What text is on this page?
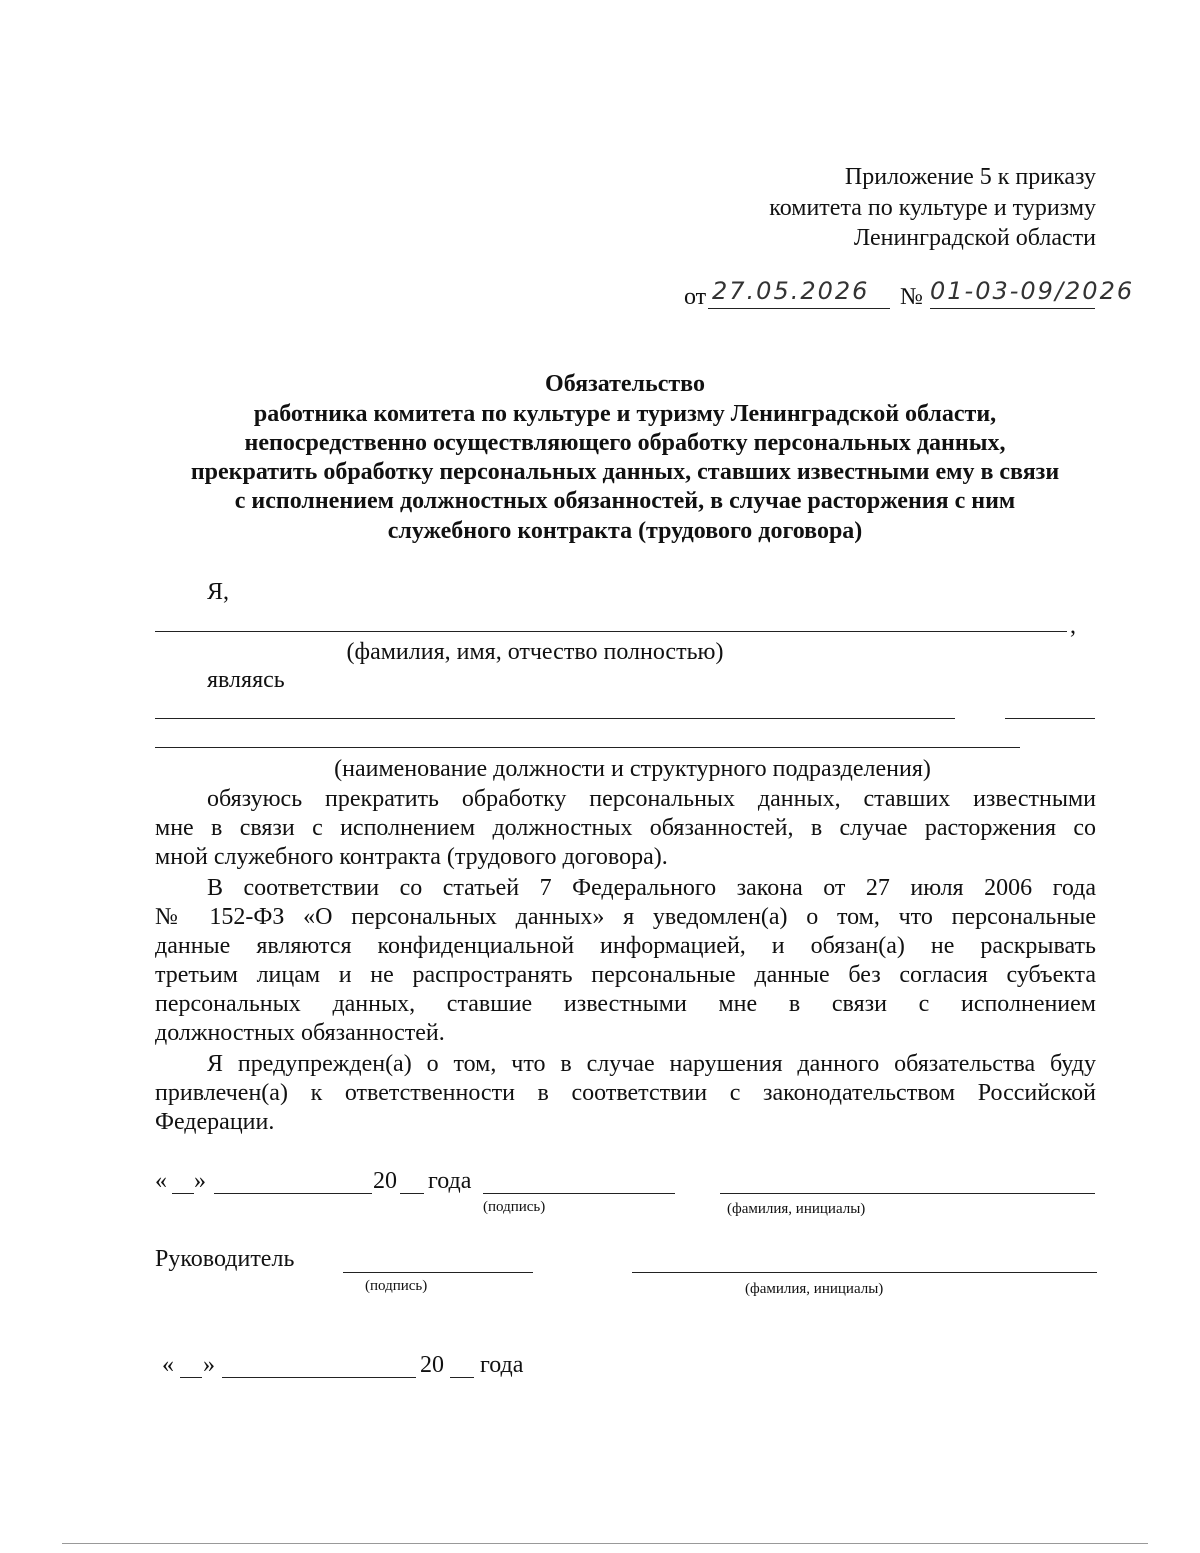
Приложение 5 к приказу
комитета по культуре и туризму
Ленинградской области
от 27.05.2026 № 01-03-09/2026
Обязательство
работника комитета по культуре и туризму Ленинградской области,
непосредственно осуществляющего обработку персональных данных,
прекратить обработку персональных данных, ставших известными ему в связи
с исполнением должностных обязанностей, в случае расторжения с ним
служебного контракта (трудового договора)
Я,
,
(фамилия, имя, отчество полностью)
являясь
(наименование должности и структурного подразделения)
обязуюсь прекратить обработку персональных данных, ставших известными
мне в связи с исполнением должностных обязанностей, в случае расторжения со
мной служебного контракта (трудового договора).
В соответствии со статьей 7 Федерального закона от 27 июля 2006 года
№ 152-ФЗ «О персональных данных» я уведомлен(а) о том, что персональные
данные являются конфиденциальной информацией, и обязан(а) не раскрывать
третьим лицам и не распространять персональные данные без согласия субъекта
персональных данных, ставшие известными мне в связи с исполнением
должностных обязанностей.
Я предупрежден(а) о том, что в случае нарушения данного обязательства буду
привлечен(а) к ответственности в соответствии с законодательством Российской
Федерации.
« »	20 года
(подпись)	(фамилия, инициалы)
Руководитель
(подпись)	(фамилия, инициалы)
« »	20 года
